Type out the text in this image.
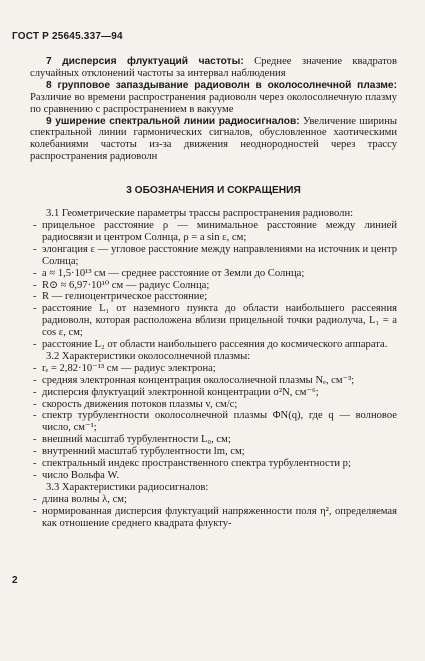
ГОСТ Р 25645.337—94

7 дисперсия флуктуаций частоты: Среднее значение квадратов случайных отклонений частоты за интервал наблюдения

8 групповое запаздывание радиоволн в околосолнечной плазме: Различие во времени распространения радиоволн через околосолнечную плазму по сравнению с распространением в вакууме

9 уширение спектральной линии радиосигналов: Увеличение ширины спектральной линии гармонических сигналов, обусловленное хаотическими колебаниями частоты из-за движения неоднородностей через трассу распространения радиоволн

3 ОБОЗНАЧЕНИЯ И СОКРАЩЕНИЯ

3.1 Геометрические параметры трассы распространения радиоволн:

- прицельное расстояние ρ — минимальное расстояние между линией радиосвязи и центром Солнца, ρ = a sin ε, см;
- элонгация ε — угловое расстояние между направлениями на источник и центр Солнца;
- a ≈ 1,5·10¹³ см — среднее расстояние от Земли до Солнца;
- R⊙ ≈ 6,97·10¹⁰ см — радиус Солнца;
- R — гелиоцентрическое расстояние;
- расстояние L₁ от наземного пункта до области наибольшего рассеяния радиоволн, которая расположена вблизи прицельной точки радиолуча, L₁ = a cos ε, см;
- расстояние L₂ от области наибольшего рассеяния до космического аппарата.

3.2 Характеристики околосолнечной плазмы:

- rₑ = 2,82·10⁻¹³ см — радиус электрона;
- средняя электронная концентрация околосолнечной плазмы Nₑ, см⁻³;
- дисперсия флуктуаций электронной концентрации σ²N, см⁻⁶;
- скорость движения потоков плазмы v, см/с;
- спектр турбулентности околосолнечной плазмы ΦN(q), где q — волновое число, см⁻¹;
- внешний масштаб турбулентности L₀, см;
- внутренний масштаб турбулентности lm, см;
- спектральный индекс пространственного спектра турбулентности p;
- число Вольфа W.

3.3 Характеристики радиосигналов:

- длина волны λ, см;
- нормированная дисперсия флуктуаций напряженности поля η², определяемая как отношение среднего квадрата флукту-
2
